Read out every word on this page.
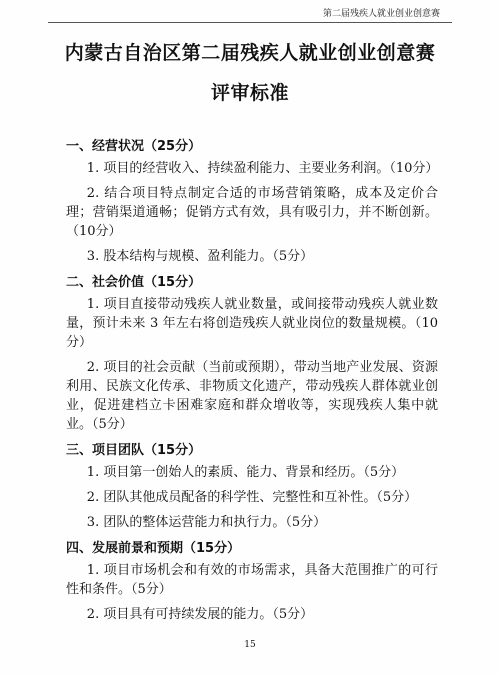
第二届残疾人就业创业创意赛
内蒙古自治区第二届残疾人就业创业创意赛
评审标准
一、经营状况（25分）

1. 项目的经营收入、持续盈利能力、主要业务利润。（10分）

2. 结合项目特点制定合适的市场营销策略，成本及定价合理；营销渠道通畅；促销方式有效，具有吸引力，并不断创新。（10分）

3. 股本结构与规模、盈利能力。（5分）

二、社会价值（15分）

1. 项目直接带动残疾人就业数量，或间接带动残疾人就业数量，预计未来 3 年左右将创造残疾人就业岗位的数量规模。（10分）

2. 项目的社会贡献（当前或预期），带动当地产业发展、资源利用、民族文化传承、非物质文化遗产，带动残疾人群体就业创业，促进建档立卡困难家庭和群众增收等，实现残疾人集中就业。（5分）

三、项目团队（15分）

1. 项目第一创始人的素质、能力、背景和经历。（5分）

2. 团队其他成员配备的科学性、完整性和互补性。（5分）

3. 团队的整体运营能力和执行力。（5分）

四、发展前景和预期（15分）

1. 项目市场机会和有效的市场需求，具备大范围推广的可行性和条件。（5分）

2. 项目具有可持续发展的能力。（5分）

15
